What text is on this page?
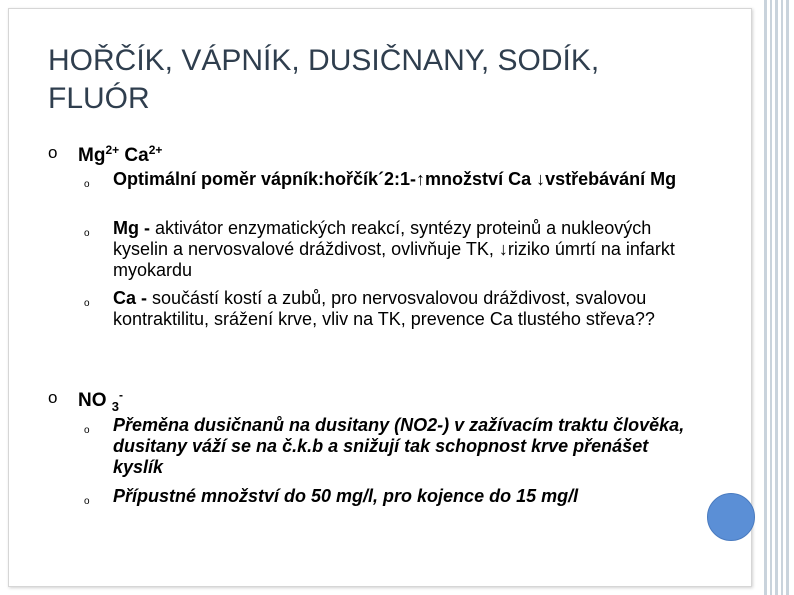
HOŘČÍK, VÁPNÍK, DUSIČNANY, SODÍK, FLUÓR
o $Mg^{2+}$ $Ca^{2+}$
o Optimální poměr vápník:hořčík´2:1-↑množství Ca ↓vstřebávání Mg
o Mg - aktivátor enzymatických reakcí, syntézy proteinů a nukleových kyselin a nervosvalové dráždivost, ovlivňuje TK, ↓riziko úmrtí na infarkt myokardu
o Ca - součástí kostí a zubů, pro nervosvalovou dráždivost, svalovou kontraktilitu, srážení krve, vliv na TK, prevence Ca tlustého střeva??
o NO $_3$-
o Přeměna dusičnanů na dusitany (NO2-) v zažívacím traktu člověka, dusitany váží se na č.k.b a snižují tak schopnost krve přenášet kyslík
o Přípustné množství do 50 mg/l, pro kojence do 15 mg/l
